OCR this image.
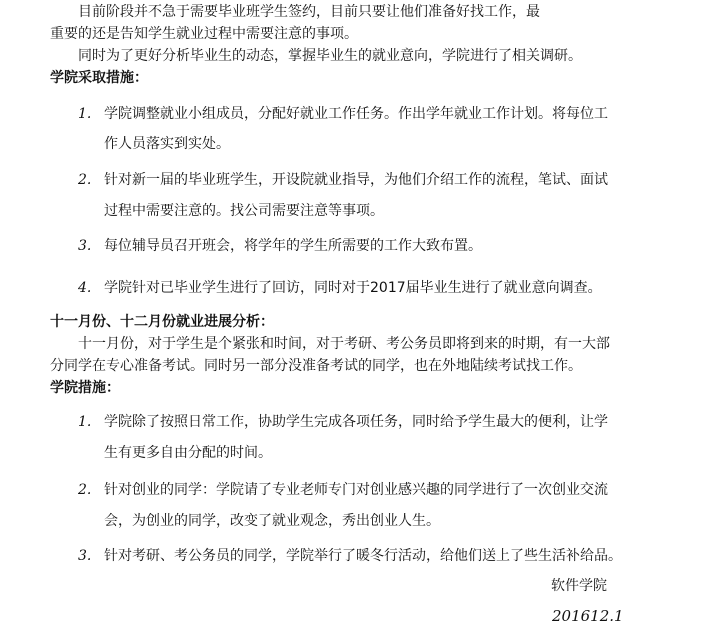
目前阶段并不急于需要毕业班学生签约，目前只要让他们准备好找工作，最
重要的还是告知学生就业过程中需要注意的事项。
同时为了更好分析毕业生的动态，掌握毕业生的就业意向，学院进行了相关调研。
学院采取措施：
1. 学院调整就业小组成员，分配好就业工作任务。作出学年就业工作计划。将每位工
作人员落实到实处。
2. 针对新一届的毕业班学生，开设院就业指导，为他们介绍工作的流程，笔试、面试
过程中需要注意的。找公司需要注意等事项。
3. 每位辅导员召开班会，将学年的学生所需要的工作大致布置。
4. 学院针对已毕业学生进行了回访，同时对于2017届毕业生进行了就业意向调查。
十一月份、十二月份就业进展分析：
十一月份，对于学生是个紧张和时间，对于考研、考公务员即将到来的时期，有一大部
分同学在专心准备考试。同时另一部分没准备考试的同学，也在外地陆续考试找工作。
学院措施：
1. 学院除了按照日常工作，协助学生完成各项任务，同时给予学生最大的便利，让学
生有更多自由分配的时间。
2. 针对创业的同学：学院请了专业老师专门对创业感兴趣的同学进行了一次创业交流
会，为创业的同学，改变了就业观念，秀出创业人生。
3. 针对考研、考公务员的同学，学院举行了暖冬行活动，给他们送上了些生活补给品。
软件学院
201612.1
